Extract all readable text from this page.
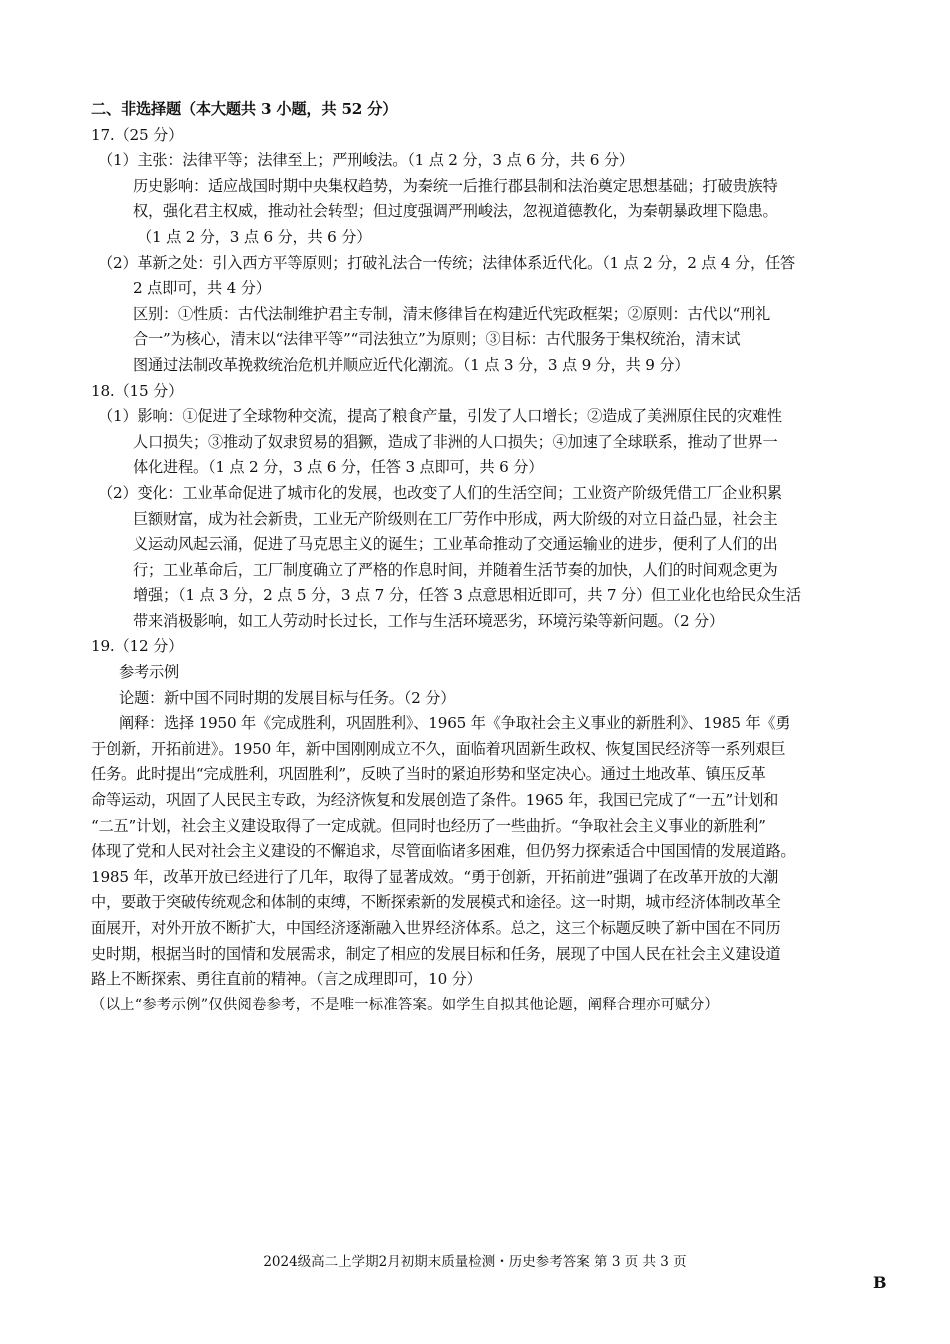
二、非选择题（本大题共 3 小题，共 52 分）
17.（25 分）
（1）主张：法律平等；法律至上；严刑峻法。（1 点 2 分，3 点 6 分，共 6 分）
历史影响：适应战国时期中央集权趋势，为秦统一后推行郡县制和法治奠定思想基础；打破贵族特
权，强化君主权威，推动社会转型；但过度强调严刑峻法，忽视道德教化，为秦朝暴政埋下隐患。
（1 点 2 分，3 点 6 分，共 6 分）
（2）革新之处：引入西方平等原则；打破礼法合一传统；法律体系近代化。（1 点 2 分，2 点 4 分，任答
2 点即可，共 4 分）
区别：①性质：古代法制维护君主专制，清末修律旨在构建近代宪政框架；②原则：古代以“刑礼
合一”为核心，清末以“法律平等”“司法独立”为原则；③目标：古代服务于集权统治，清末试
图通过法制改革挽救统治危机并顺应近代化潮流。（1 点 3 分，3 点 9 分，共 9 分）
18.（15 分）
（1）影响：①促进了全球物种交流，提高了粮食产量，引发了人口增长；②造成了美洲原住民的灾难性
人口损失；③推动了奴隶贸易的猖獗，造成了非洲的人口损失；④加速了全球联系，推动了世界一
体化进程。（1 点 2 分，3 点 6 分，任答 3 点即可，共 6 分）
（2）变化：工业革命促进了城市化的发展，也改变了人们的生活空间；工业资产阶级凭借工厂企业积累
巨额财富，成为社会新贵，工业无产阶级则在工厂劳作中形成，两大阶级的对立日益凸显，社会主
义运动风起云涌，促进了马克思主义的诞生；工业革命推动了交通运输业的进步，便利了人们的出
行；工业革命后，工厂制度确立了严格的作息时间，并随着生活节奏的加快，人们的时间观念更为
增强；（1 点 3 分，2 点 5 分，3 点 7 分，任答 3 点意思相近即可，共 7 分）但工业化也给民众生活
带来消极影响，如工人劳动时长过长，工作与生活环境恶劣，环境污染等新问题。（2 分）
19.（12 分）
参考示例
论题：新中国不同时期的发展目标与任务。（2 分）
阐释：选择 1950 年《完成胜利，巩固胜利》、1965 年《争取社会主义事业的新胜利》、1985 年《勇
于创新，开拓前进》。1950 年，新中国刚刚成立不久，面临着巩固新生政权、恢复国民经济等一系列艰巨
任务。此时提出“完成胜利，巩固胜利”，反映了当时的紧迫形势和坚定决心。通过土地改革、镇压反革
命等运动，巩固了人民民主专政，为经济恢复和发展创造了条件。1965 年，我国已完成了“一五”计划和
“二五”计划，社会主义建设取得了一定成就。但同时也经历了一些曲折。“争取社会主义事业的新胜利”
体现了党和人民对社会主义建设的不懈追求，尽管面临诸多困难，但仍努力探索适合中国国情的发展道路。
1985 年，改革开放已经进行了几年，取得了显著成效。“勇于创新，开拓前进”强调了在改革开放的大潮
中，要敢于突破传统观念和体制的束缚，不断探索新的发展模式和途径。这一时期，城市经济体制改革全
面展开，对外开放不断扩大，中国经济逐渐融入世界经济体系。总之，这三个标题反映了新中国在不同历
史时期，根据当时的国情和发展需求，制定了相应的发展目标和任务，展现了中国人民在社会主义建设道
路上不断探索、勇往直前的精神。（言之成理即可，10 分）
（以上“参考示例”仅供阅卷参考，不是唯一标准答案。如学生自拟其他论题，阐释合理亦可赋分）
2024级高二上学期2月初期末质量检测・历史参考答案 第 3 页 共 3 页
B
